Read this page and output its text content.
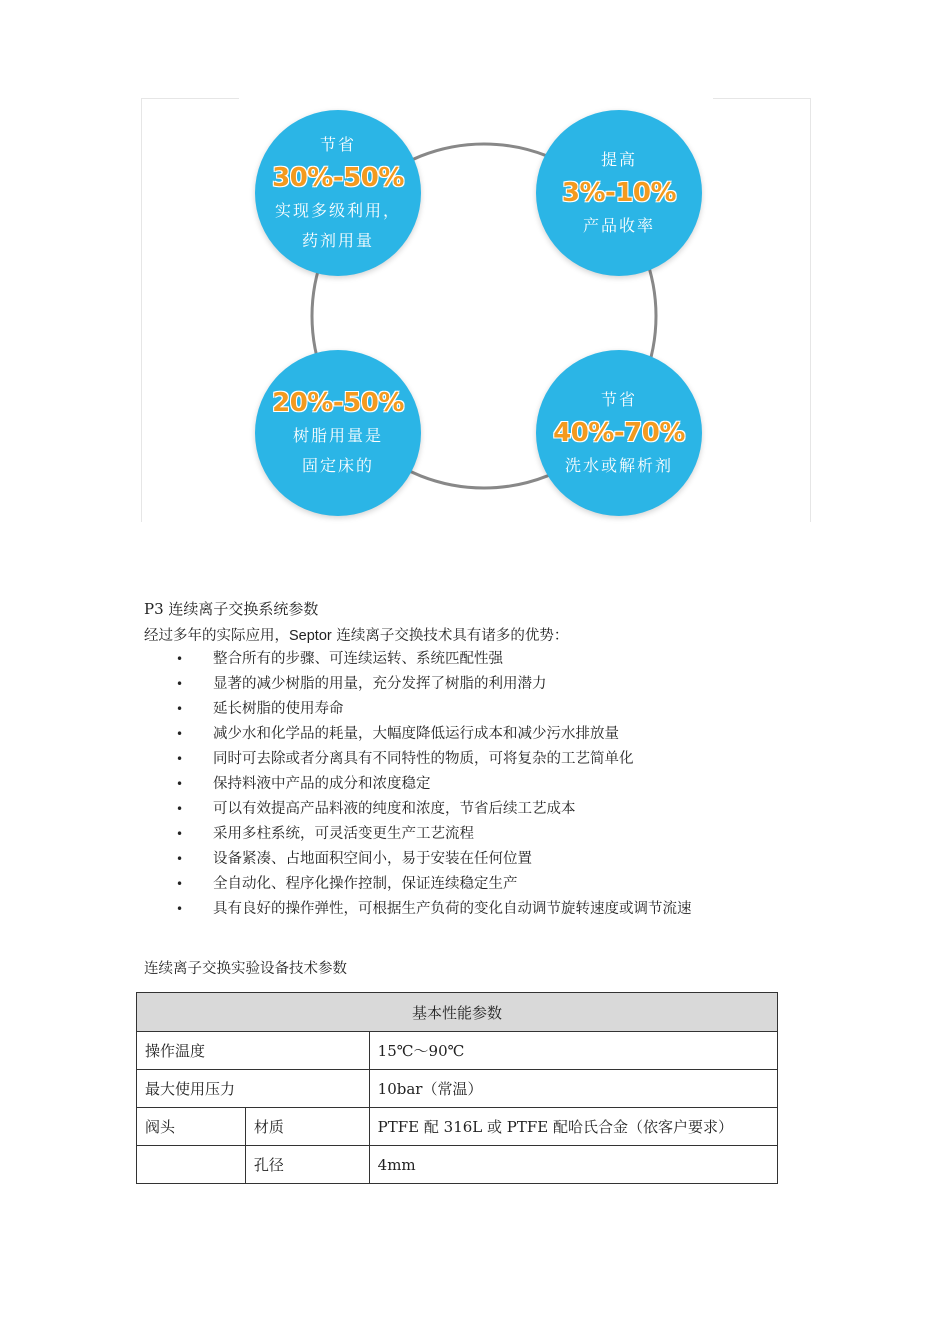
节省
30%-50%
实现多级利用，
药剂用量
提高
3%-10%
产品收率
20%-50%
树脂用量是
固定床的
节省
40%-70%
洗水或解析剂
P3 连续离子交换系统参数
经过多年的实际应用，Septor 连续离子交换技术具有诸多的优势：
• 整合所有的步骤、可连续运转、系统匹配性强
• 显著的减少树脂的用量，充分发挥了树脂的利用潜力
• 延长树脂的使用寿命
• 减少水和化学品的耗量，大幅度降低运行成本和减少污水排放量
• 同时可去除或者分离具有不同特性的物质，可将复杂的工艺简单化
• 保持料液中产品的成分和浓度稳定
• 可以有效提高产品料液的纯度和浓度，节省后续工艺成本
• 采用多柱系统，可灵活变更生产工艺流程
• 设备紧凑、占地面积空间小，易于安装在任何位置
• 全自动化、程序化操作控制，保证连续稳定生产
• 具有良好的操作弹性，可根据生产负荷的变化自动调节旋转速度或调节流速
连续离子交换实验设备技术参数
基本性能参数		
操作温度		15℃～90℃
最大使用压力		10bar（常温）
阀头	材质	PTFE 配 316L 或 PTFE 配哈氏合金（依客户要求）
	孔径	4mm
